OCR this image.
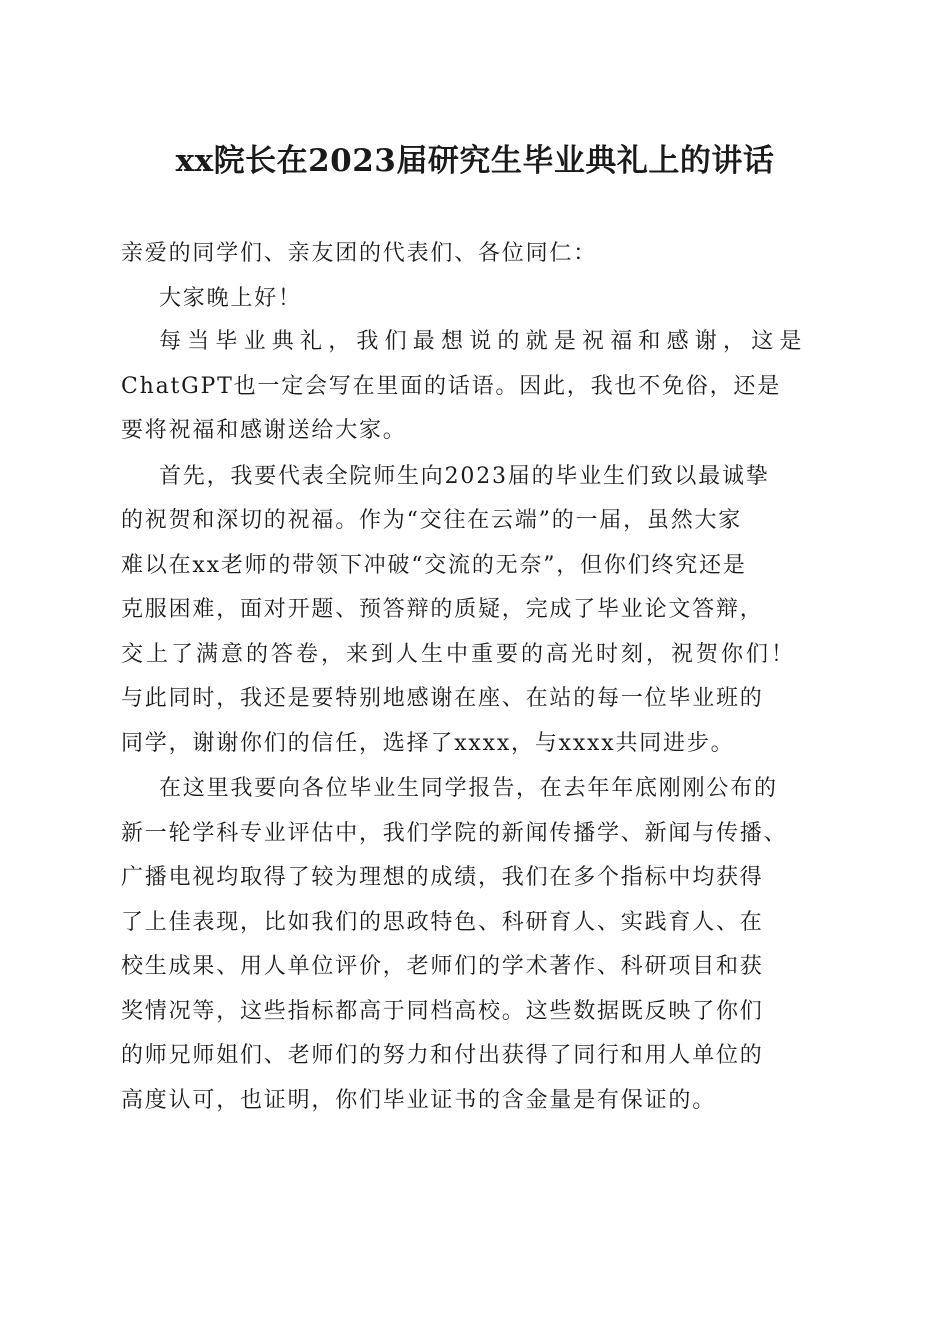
xx院长在2023届研究生毕业典礼上的讲话
亲爱的同学们、亲友团的代表们、各位同仁：
大家晚上好！
每当毕业典礼，我们最想说的就是祝福和感谢，这是
ChatGPT也一定会写在里面的话语。因此，我也不免俗，还是
要将祝福和感谢送给大家。
首先，我要代表全院师生向2023届的毕业生们致以最诚挚
的祝贺和深切的祝福。作为“交往在云端”的一届，虽然大家
难以在xx老师的带领下冲破“交流的无奈”，但你们终究还是
克服困难，面对开题、预答辩的质疑，完成了毕业论文答辩，
交上了满意的答卷，来到人生中重要的高光时刻，祝贺你们！
与此同时，我还是要特别地感谢在座、在站的每一位毕业班的
同学，谢谢你们的信任，选择了xxxx，与xxxx共同进步。
在这里我要向各位毕业生同学报告，在去年年底刚刚公布的
新一轮学科专业评估中，我们学院的新闻传播学、新闻与传播、
广播电视均取得了较为理想的成绩，我们在多个指标中均获得
了上佳表现，比如我们的思政特色、科研育人、实践育人、在
校生成果、用人单位评价，老师们的学术著作、科研项目和获
奖情况等，这些指标都高于同档高校。这些数据既反映了你们
的师兄师姐们、老师们的努力和付出获得了同行和用人单位的
高度认可，也证明，你们毕业证书的含金量是有保证的。
